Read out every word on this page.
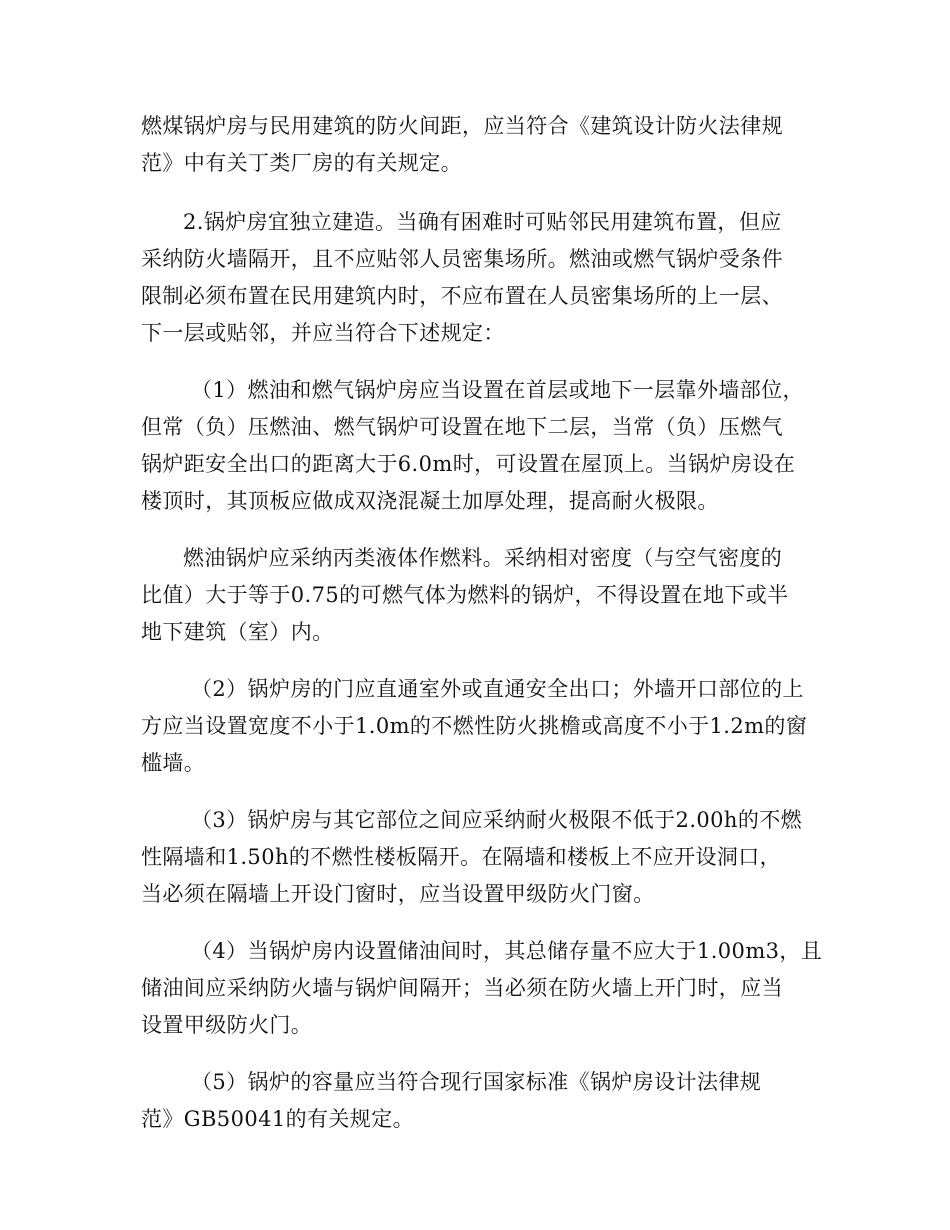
燃煤锅炉房与民用建筑的防火间距，应当符合《建筑设计防火法律规
范》中有关丁类厂房的有关规定。

2.锅炉房宜独立建造。当确有困难时可贴邻民用建筑布置，但应
采纳防火墙隔开，且不应贴邻人员密集场所。燃油或燃气锅炉受条件
限制必须布置在民用建筑内时，不应布置在人员密集场所的上一层、
下一层或贴邻，并应当符合下述规定：

（1）燃油和燃气锅炉房应当设置在首层或地下一层靠外墙部位，
但常（负）压燃油、燃气锅炉可设置在地下二层，当常（负）压燃气
锅炉距安全出口的距离大于6.0m时，可设置在屋顶上。当锅炉房设在
楼顶时，其顶板应做成双浇混凝土加厚处理，提高耐火极限。

燃油锅炉应采纳丙类液体作燃料。采纳相对密度（与空气密度的
比值）大于等于0.75的可燃气体为燃料的锅炉，不得设置在地下或半
地下建筑（室）内。

（2）锅炉房的门应直通室外或直通安全出口；外墙开口部位的上
方应当设置宽度不小于1.0m的不燃性防火挑檐或高度不小于1.2m的窗
槛墙。

（3）锅炉房与其它部位之间应采纳耐火极限不低于2.00h的不燃
性隔墙和1.50h的不燃性楼板隔开。在隔墙和楼板上不应开设洞口，
当必须在隔墙上开设门窗时，应当设置甲级防火门窗。

（4）当锅炉房内设置储油间时，其总储存量不应大于1.00m3，且
储油间应采纳防火墙与锅炉间隔开；当必须在防火墙上开门时，应当
设置甲级防火门。

（5）锅炉的容量应当符合现行国家标准《锅炉房设计法律规
范》GB50041的有关规定。
